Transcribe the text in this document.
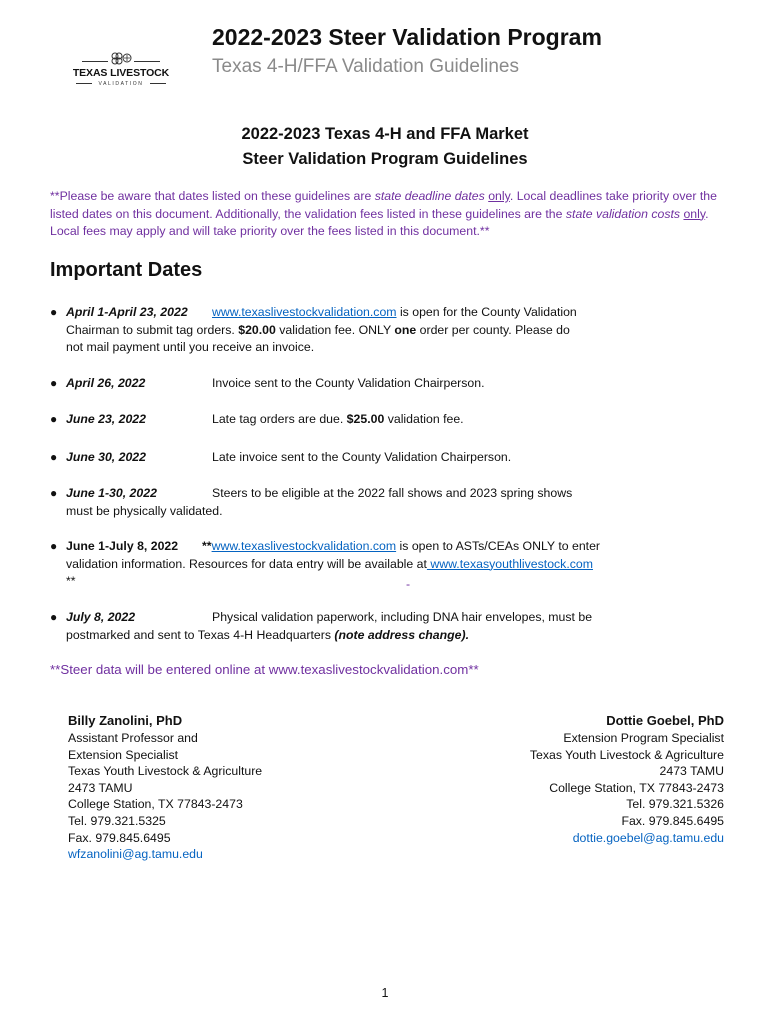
TEXAS LIVESTOCK
VALIDATION
2022-2023 Steer Validation Program
Texas 4-H/FFA Validation Guidelines
2022-2023 Texas 4-H and FFA Market
Steer Validation Program Guidelines
**Please be aware that dates listed on these guidelines are state deadline dates only. Local deadlines take priority over the listed dates on this document. Additionally, the validation fees listed in these guidelines are the state validation costs only. Local fees may apply and will take priority over the fees listed in this document.**
Important Dates
● April 1-April 23, 2022 www.texaslivestockvalidation.com is open for the County Validation
Chairman to submit tag orders. $20.00 validation fee. ONLY one order per county. Please do
not mail payment until you receive an invoice.
● April 26, 2022	Invoice sent to the County Validation Chairperson.
● June 23, 2022	Late tag orders are due. $25.00 validation fee.
● June 30, 2022	Late invoice sent to the County Validation Chairperson.
● June 1-30, 2022	Steers to be eligible at the 2022 fall shows and 2023 spring shows
must be physically validated.
● June 1-July 8, 2022 **www.texaslivestockvalidation.com is open to ASTs/CEAs ONLY to enter
validation information. Resources for data entry will be available at www.texasyouthlivestock.com
**	-
● July 8, 2022	Physical validation paperwork, including DNA hair envelopes, must be
postmarked and sent to Texas 4-H Headquarters (note address change).
**Steer data will be entered online at www.texaslivestockvalidation.com**
Billy Zanolini, PhD
Assistant Professor and
Extension Specialist
Texas Youth Livestock & Agriculture
2473 TAMU
College Station, TX 77843-2473
Tel. 979.321.5325
Fax. 979.845.6495
wfzanolini@ag.tamu.edu
Dottie Goebel, PhD
Extension Program Specialist
Texas Youth Livestock & Agriculture
2473 TAMU
College Station, TX 77843-2473
Tel. 979.321.5326
Fax. 979.845.6495
dottie.goebel@ag.tamu.edu
1
